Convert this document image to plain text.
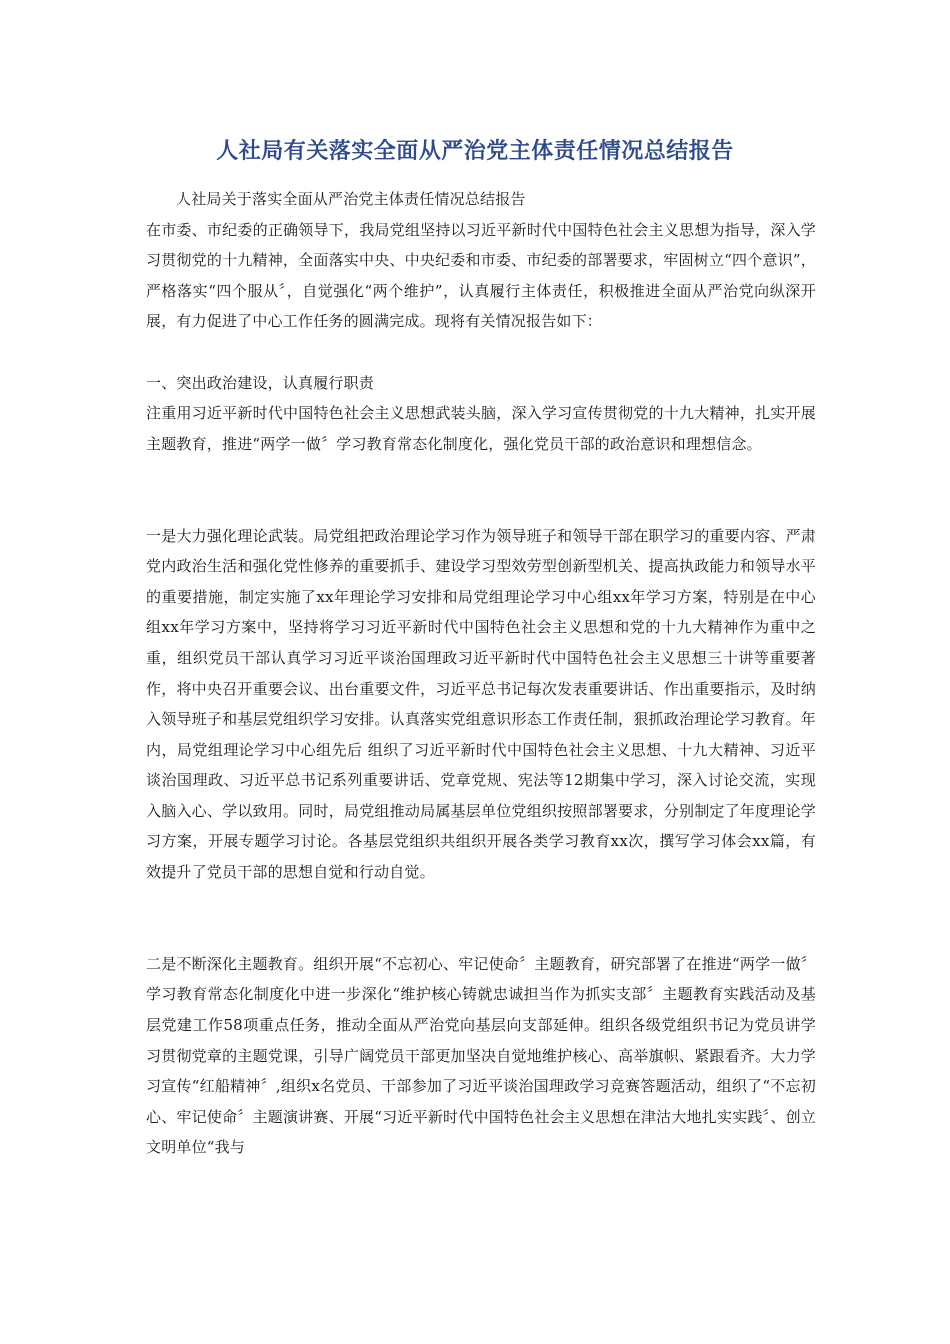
人社局有关落实全面从严治党主体责任情况总结报告

人社局关于落实全面从严治党主体责任情况总结报告

在市委、市纪委的正确领导下，我局党组坚持以习近平新时代中国特色社会主义思想为指导，深入学习贯彻党的十九精神，全面落实中央、中央纪委和市委、市纪委的部署要求，牢固树立“四个意识”，严格落实“四个服从〞，自觉强化“两个维护”，认真履行主体责任，积极推进全面从严治党向纵深开展，有力促进了中心工作任务的圆满完成。现将有关情况报告如下：

一、突出政治建设，认真履行职责

注重用习近平新时代中国特色社会主义思想武装头脑，深入学习宣传贯彻党的十九大精神，扎实开展主题教育，推进“两学一做〞学习教育常态化制度化，强化党员干部的政治意识和理想信念。

一是大力强化理论武装。局党组把政治理论学习作为领导班子和领导干部在职学习的重要内容、严肃党内政治生活和强化党性修养的重要抓手、建设学习型效劳型创新型机关、提高执政能力和领导水平的重要措施，制定实施了xx年理论学习安排和局党组理论学习中心组xx年学习方案，特别是在中心组xx年学习方案中，坚持将学习习近平新时代中国特色社会主义思想和党的十九大精神作为重中之重，组织党员干部认真学习习近平谈治国理政习近平新时代中国特色社会主义思想三十讲等重要著作，将中央召开重要会议、出台重要文件，习近平总书记每次发表重要讲话、作出重要指示，及时纳入领导班子和基层党组织学习安排。认真落实党组意识形态工作责任制，狠抓政治理论学习教育。年内，局党组理论学习中心组先后 组织了习近平新时代中国特色社会主义思想、十九大精神、习近平谈治国理政、习近平总书记系列重要讲话、党章党规、宪法等12期集中学习，深入讨论交流，实现入脑入心、学以致用。同时，局党组推动局属基层单位党组织按照部署要求，分别制定了年度理论学习方案，开展专题学习讨论。各基层党组织共组织开展各类学习教育xx次，撰写学习体会xx篇，有效提升了党员干部的思想自觉和行动自觉。

二是不断深化主题教育。组织开展“不忘初心、牢记使命〞主题教育，研究部署了在推进“两学一做〞学习教育常态化制度化中进一步深化“维护核心铸就忠诚担当作为抓实支部〞主题教育实践活动及基层党建工作58项重点任务，推动全面从严治党向基层向支部延伸。组织各级党组织书记为党员讲学习贯彻党章的主题党课，引导广阔党员干部更加坚决自觉地维护核心、高举旗帜、紧跟看齐。大力学习宣传“红船精神〞,组织x名党员、干部参加了习近平谈治国理政学习竞赛答题活动，组织了“不忘初心、牢记使命〞主题演讲赛、开展“习近平新时代中国特色社会主义思想在津沽大地扎实实践〞、创立文明单位“我与
